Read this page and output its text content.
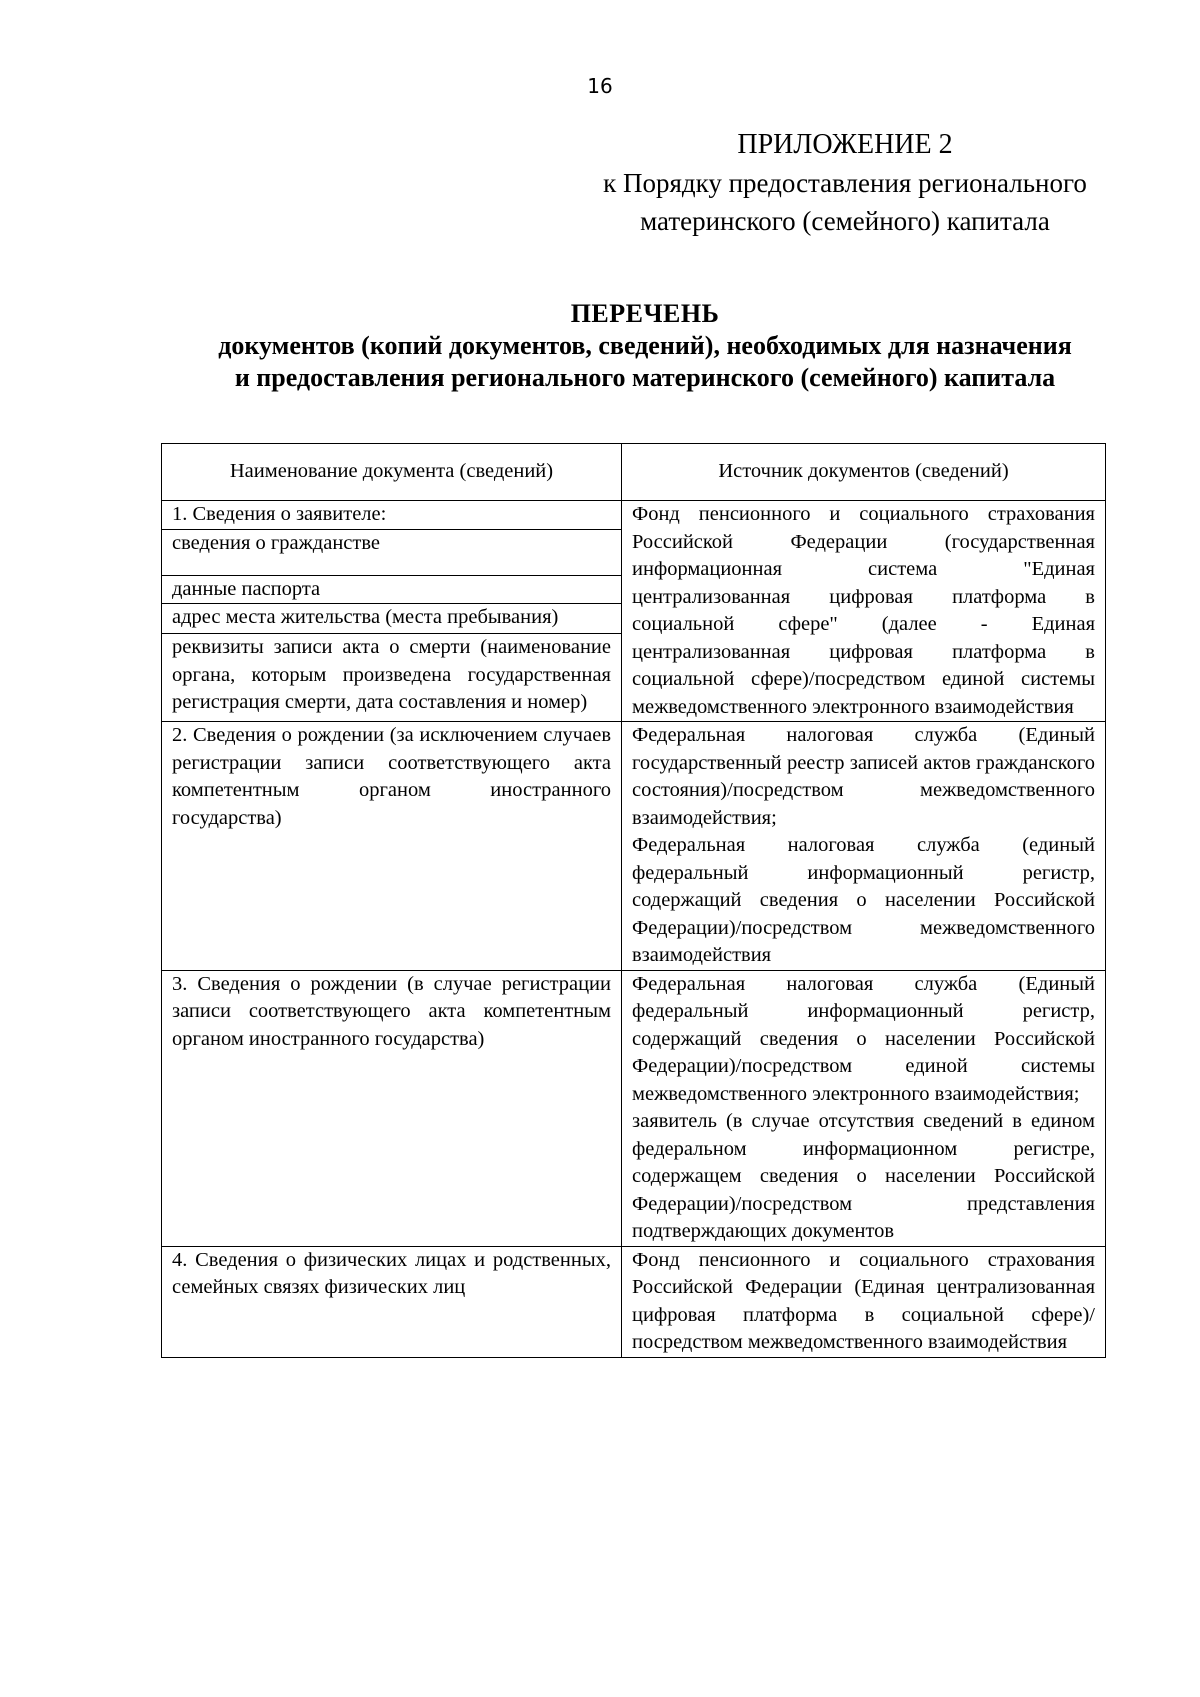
16
ПРИЛОЖЕНИЕ 2
к Порядку предоставления регионального
материнского (семейного) капитала
ПЕРЕЧЕНЬ
документов (копий документов, сведений), необходимых для назначения
и предоставления регионального материнского (семейного) капитала
Наименование документа (сведений)	Источник документов (сведений)
1. Сведения о заявителе:	Фонд пенсионного и социального страхования Российской Федерации (государственная информационная система "Единая централизованная цифровая платформа в социальной сфере" (далее - Единая централизованная цифровая платформа в социальной сфере)/посредством единой системы межведомственного электронного взаимодействия
сведения о гражданстве	
данные паспорта	
адрес места жительства (места пребывания)	
реквизиты записи акта о смерти (наименование органа, которым произведена государственная регистрация смерти, дата составления и номер)	
2. Сведения о рождении (за исключением случаев регистрации записи соответствующего акта компетентным органом иностранного государства)	Федеральная налоговая служба (Единый государственный реестр записей актов гражданского состояния)/посредством межведомственного взаимодействия;
Федеральная налоговая служба (единый федеральный информационный регистр, содержащий сведения о населении Российской Федерации)/посредством межведомственного взаимодействия

3. Сведения о рождении (в случае регистрации записи соответствующего акта компетентным органом иностранного государства)	Федеральная налоговая служба (Единый федеральный информационный регистр, содержащий сведения о населении Российской Федерации)/посредством единой системы межведомственного электронного взаимодействия;
заявитель (в случае отсутствия сведений в едином федеральном информационном регистре, содержащем сведения о населении Российской Федерации)/посредством представления подтверждающих документов

4. Сведения о физических лицах и родственных, семейных связях физических лиц	Фонд пенсионного и социального страхования Российской Федерации (Единая централизованная цифровая платформа в социальной сфере)/посредством межведомственного взаимодействия
